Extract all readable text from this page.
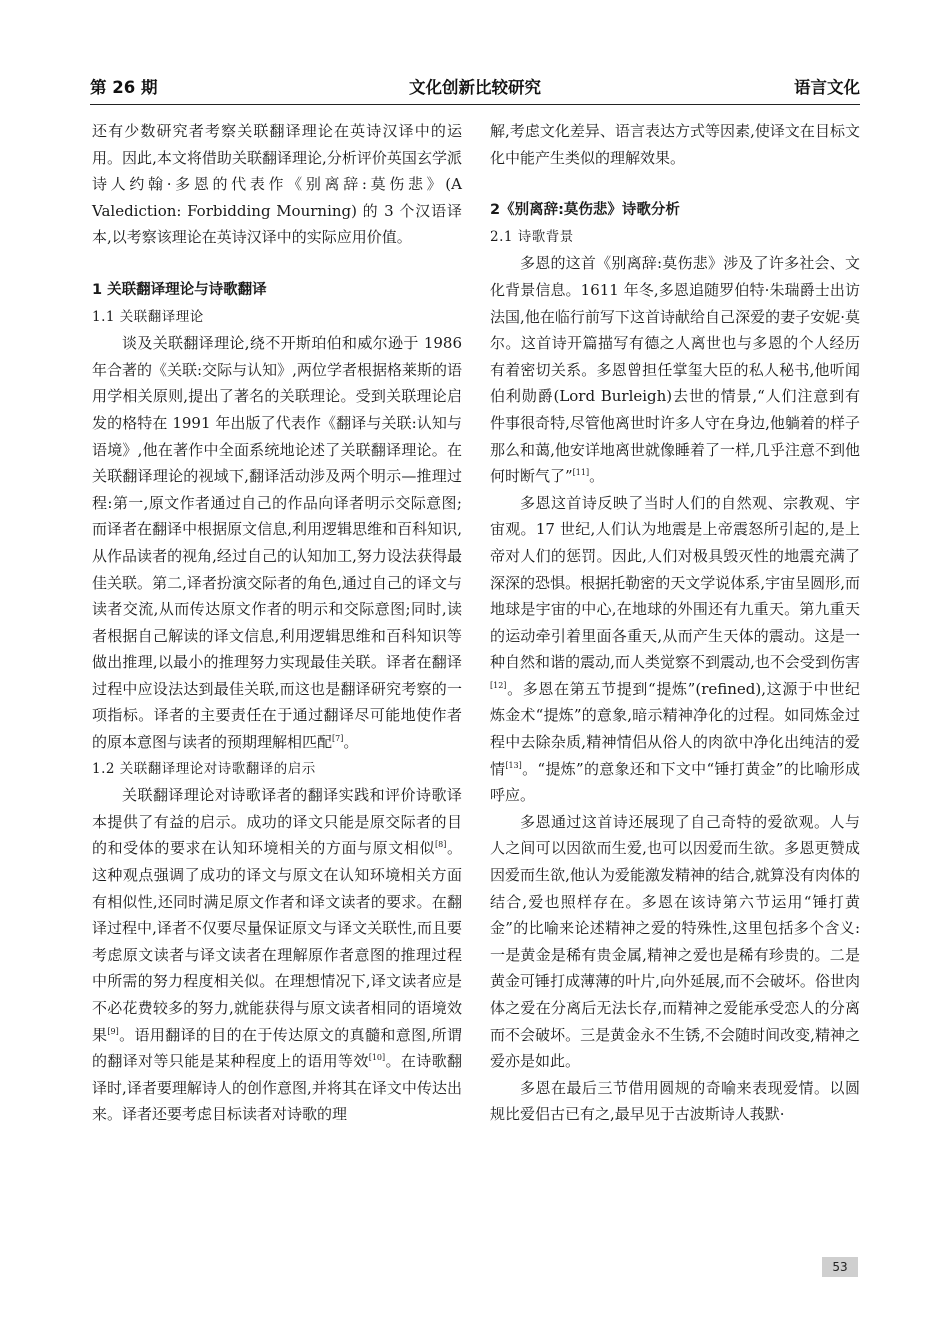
第 26 期	文化创新比较研究	语言文化

还有少数研究者考察关联翻译理论在英诗汉译中的运用。因此,本文将借助关联翻译理论,分析评价英国玄学派诗人约翰·多恩的代表作《别离辞:莫伤悲》(A Valediction: Forbidding Mourning) 的 3 个汉语译本,以考察该理论在英诗汉译中的实际应用价值。

1 关联翻译理论与诗歌翻译
1.1 关联翻译理论

谈及关联翻译理论,绕不开斯珀伯和威尔逊于 1986 年合著的《关联:交际与认知》,两位学者根据格莱斯的语用学相关原则,提出了著名的关联理论。受到关联理论启发的格特在 1991 年出版了代表作《翻译与关联:认知与语境》,他在著作中全面系统地论述了关联翻译理论。在关联翻译理论的视域下,翻译活动涉及两个明示—推理过程:第一,原文作者通过自己的作品向译者明示交际意图;而译者在翻译中根据原文信息,利用逻辑思维和百科知识,从作品读者的视角,经过自己的认知加工,努力设法获得最佳关联。第二,译者扮演交际者的角色,通过自己的译文与读者交流,从而传达原文作者的明示和交际意图;同时,读者根据自己解读的译文信息,利用逻辑思维和百科知识等做出推理,以最小的推理努力实现最佳关联。译者在翻译过程中应设法达到最佳关联,而这也是翻译研究考察的一项指标。译者的主要责任在于通过翻译尽可能地使作者的原本意图与读者的预期理解相匹配[7]。

1.2 关联翻译理论对诗歌翻译的启示

关联翻译理论对诗歌译者的翻译实践和评价诗歌译本提供了有益的启示。成功的译文只能是原交际者的目的和受体的要求在认知环境相关的方面与原文相似[8]。这种观点强调了成功的译文与原文在认知环境相关方面有相似性,还同时满足原文作者和译文读者的要求。在翻译过程中,译者不仅要尽量保证原文与译文关联性,而且要考虑原文读者与译文读者在理解原作者意图的推理过程中所需的努力程度相关似。在理想情况下,译文读者应是不必花费较多的努力,就能获得与原文读者相同的语境效果[9]。语用翻译的目的在于传达原文的真髓和意图,所谓的翻译对等只能是某种程度上的语用等效[10]。在诗歌翻译时,译者要理解诗人的创作意图,并将其在译文中传达出来。译者还要考虑目标读者对诗歌的理

解,考虑文化差异、语言表达方式等因素,使译文在目标文化中能产生类似的理解效果。

2《别离辞:莫伤悲》诗歌分析
2.1 诗歌背景

多恩的这首《别离辞:莫伤悲》涉及了许多社会、文化背景信息。1611 年冬,多恩追随罗伯特·朱瑞爵士出访法国,他在临行前写下这首诗献给自己深爱的妻子安妮·莫尔。这首诗开篇描写有德之人离世也与多恩的个人经历有着密切关系。多恩曾担任掌玺大臣的私人秘书,他听闻伯利勋爵(Lord Burleigh)去世的情景,“人们注意到有件事很奇特,尽管他离世时许多人守在身边,他躺着的样子那么和蔼,他安详地离世就像睡着了一样,几乎注意不到他何时断气了”[11]。

多恩这首诗反映了当时人们的自然观、宗教观、宇宙观。17 世纪,人们认为地震是上帝震怒所引起的,是上帝对人们的惩罚。因此,人们对极具毁灭性的地震充满了深深的恐惧。根据托勒密的天文学说体系,宇宙呈圆形,而地球是宇宙的中心,在地球的外围还有九重天。第九重天的运动牵引着里面各重天,从而产生天体的震动。这是一种自然和谐的震动,而人类觉察不到震动,也不会受到伤害[12]。多恩在第五节提到“提炼”(refined),这源于中世纪炼金术“提炼”的意象,暗示精神净化的过程。如同炼金过程中去除杂质,精神情侣从俗人的肉欲中净化出纯洁的爱情[13]。“提炼”的意象还和下文中“锤打黄金”的比喻形成呼应。

多恩通过这首诗还展现了自己奇特的爱欲观。人与人之间可以因欲而生爱,也可以因爱而生欲。多恩更赞成因爱而生欲,他认为爱能激发精神的结合,就算没有肉体的结合,爱也照样存在。多恩在该诗第六节运用“锤打黄金”的比喻来论述精神之爱的特殊性,这里包括多个含义:一是黄金是稀有贵金属,精神之爱也是稀有珍贵的。二是黄金可锤打成薄薄的叶片,向外延展,而不会破坏。俗世肉体之爱在分离后无法长存,而精神之爱能承受恋人的分离而不会破坏。三是黄金永不生锈,不会随时间改变,精神之爱亦是如此。

多恩在最后三节借用圆规的奇喻来表现爱情。以圆规比爱侣古已有之,最早见于古波斯诗人莪默·

53
